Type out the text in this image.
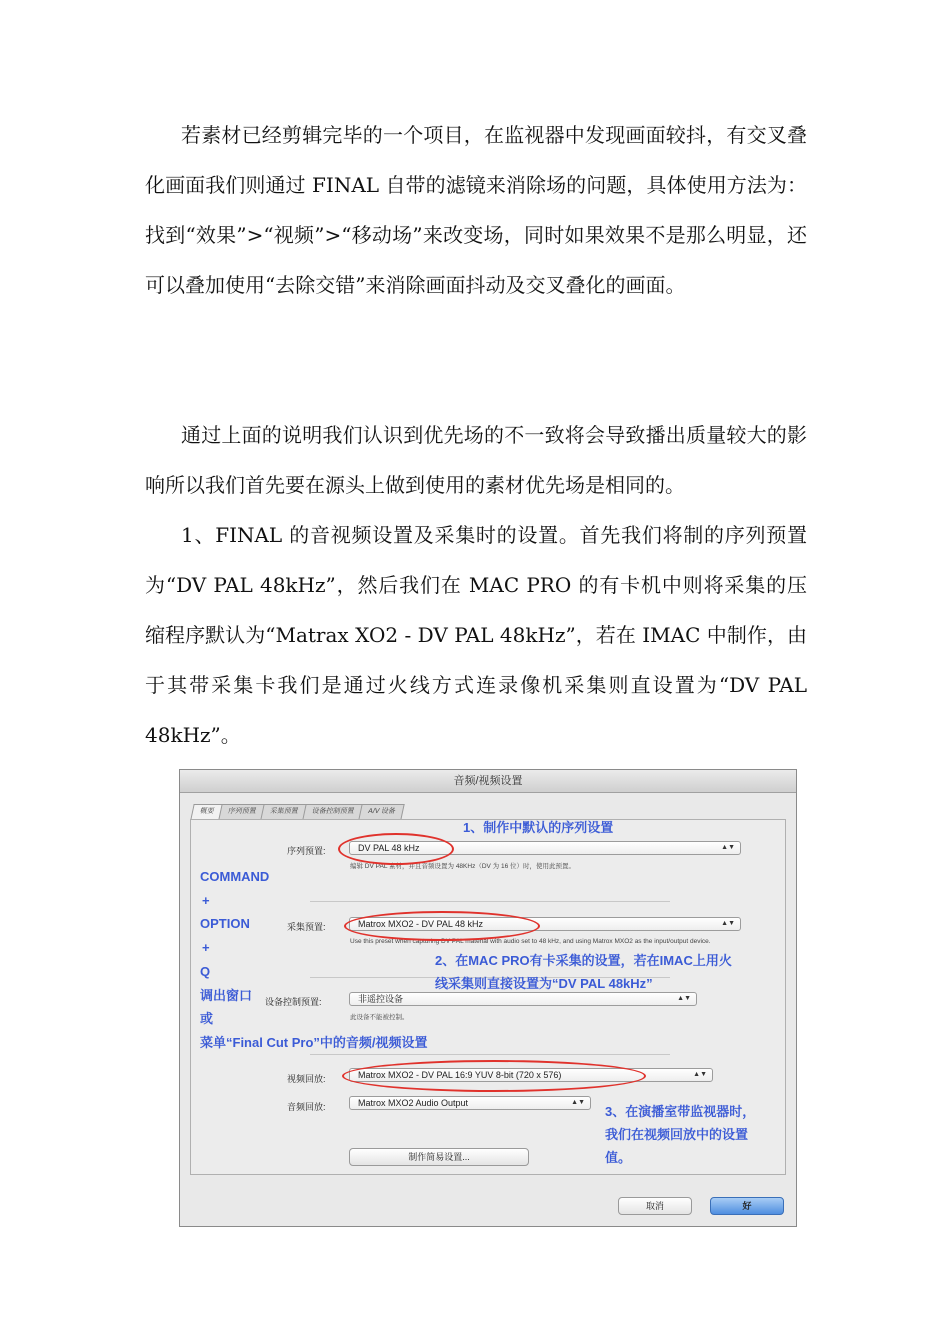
若素材已经剪辑完毕的一个项目，在监视器中发现画面较抖，有交叉叠化画面我们则通过 FINAL 自带的滤镜来消除场的问题，具体使用方法为：找到“效果”>“视频”>“移动场”来改变场，同时如果效果不是那么明显，还可以叠加使用“去除交错”来消除画面抖动及交叉叠化的画面。

通过上面的说明我们认识到优先场的不一致将会导致播出质量较大的影响所以我们首先要在源头上做到使用的素材优先场是相同的。

1、FINAL 的音视频设置及采集时的设置。首先我们将制的序列预置为“DV PAL 48kHz”，然后我们在 MAC PRO 的有卡机中则将采集的压缩程序默认为“Matrax XO2 - DV PAL 48kHz”，若在 IMAC 中制作，由于其带采集卡我们是通过火线方式连录像机采集则直设置为“DV PAL 48kHz”。

音频/视频设置
概要	序列预置	采集预置	设备控制预置	A/V 设备
序列预置:	DV PAL 48 kHz	▲▼
编辑 DV PAL 素材，并且音频设置为 48KHz（DV 为 16 位）时，使用此预置。
采集预置:	Matrox MXO2 - DV PAL 48 kHz	▲▼
Use this preset when capturing DV PAL material with audio set to 48 kHz, and using Matrox MXO2 as the input/output device.
设备控制预置:	非遥控设备	▲▼
此设备不能被控制。
视频回放:	Matrox MXO2 - DV PAL 16:9 YUV 8-bit (720 x 576)	▲▼
音频回放:	Matrox MXO2 Audio Output	▲▼
制作简易设置...
取消	好
1、制作中默认的序列设置
2、在MAC PRO有卡采集的设置，若在IMAC上用火
线采集则直接设置为“DV PAL 48kHz”
COMMAND
+
OPTION
+
Q
调出窗口
或
菜单“Final Cut Pro”中的音频/视频设置
3、在演播室带监视器时，
我们在视频回放中的设置
值。
